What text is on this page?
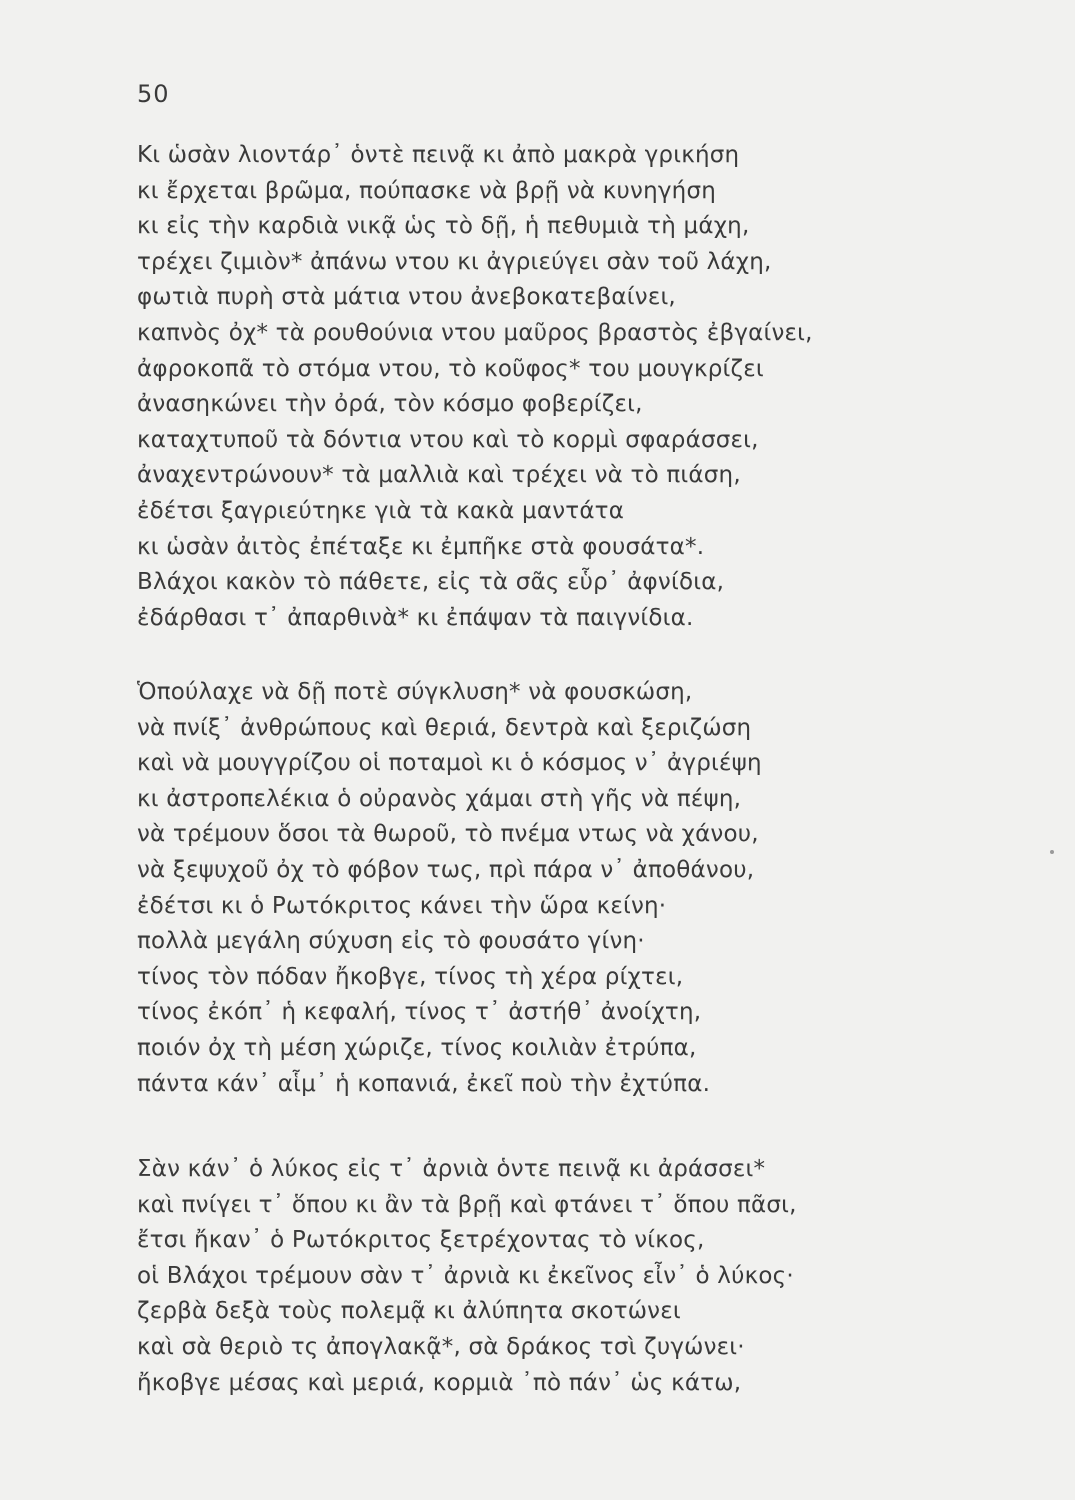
50
Κι ὡσὰν λιοντάρ᾽ ὁντὲ πεινᾷ κι ἀπὸ μακρὰ γρικήση
κι ἔρχεται βρῶμα, πούπασκε νὰ βρῇ νὰ κυνηγήση
κι εἰς τὴν καρδιὰ νικᾷ ὡς τὸ δῇ, ἡ πεθυμιὰ τὴ μάχη,
τρέχει ζιμιὸν* ἀπάνω ντου κι ἀγριεύγει σὰν τοῦ λάχη,
φωτιὰ πυρὴ στὰ μάτια ντου ἀνεβοκατεβαίνει,
καπνὸς ὀχ* τὰ ρουθούνια ντου μαῦρος βραστὸς ἐβγαίνει,
ἀφροκοπᾶ τὸ στόμα ντου, τὸ κοῦφος* του μουγκρίζει
ἀνασηκώνει τὴν ὀρά, τὸν κόσμο φοβερίζει,
καταχτυποῦ τὰ δόντια ντου καὶ τὸ κορμὶ σφαράσσει,
ἀναχεντρώνουν* τὰ μαλλιὰ καὶ τρέχει νὰ τὸ πιάση,
ἐδέτσι ξαγριεύτηκε γιὰ τὰ κακὰ μαντάτα
κι ὡσὰν ἀιτὸς ἐπέταξε κι ἐμπῆκε στὰ φουσάτα*.
Βλάχοι κακὸν τὸ πάθετε, εἰς τὰ σᾶς εὗρ᾽ ἀφνίδια,
ἐδάρθασι τ᾽ ἀπαρθινὰ* κι ἐπάψαν τὰ παιγνίδια.
Ὁπούλαχε νὰ δῇ ποτὲ σύγκλυση* νὰ φουσκώση,
νὰ πνίξ᾽ ἀνθρώπους καὶ θεριά, δεντρὰ καὶ ξεριζώση
καὶ νὰ μουγγρίζου οἱ ποταμοὶ κι ὁ κόσμος ν᾽ ἀγριέψη
κι ἀστροπελέκια ὁ οὐρανὸς χάμαι στὴ γῆς νὰ πέψη,
νὰ τρέμουν ὅσοι τὰ θωροῦ, τὸ πνέμα ντως νὰ χάνου,
νὰ ξεψυχοῦ ὀχ τὸ φόβον τως, πρὶ πάρα ν᾽ ἀποθάνου,
ἐδέτσι κι ὁ Ρωτόκριτος κάνει τὴν ὥρα κείνη·
πολλὰ μεγάλη σύχυση εἰς τὸ φουσάτο γίνη·
τίνος τὸν πόδαν ἤκοβγε, τίνος τὴ χέρα ρίχτει,
τίνος ἐκόπ᾽ ἡ κεφαλή, τίνος τ᾽ ἀστήθ᾽ ἀνοίχτη,
ποιόν ὀχ τὴ μέση χώριζε, τίνος κοιλιὰν ἐτρύπα,
πάντα κάν᾽ αἷμ᾽ ἡ κοπανιά, ἐκεῖ ποὺ τὴν ἐχτύπα.
Σὰν κάν᾽ ὁ λύκος εἰς τ᾽ ἀρνιὰ ὁντε πεινᾷ κι ἀράσσει*
καὶ πνίγει τ᾽ ὅπου κι ἂν τὰ βρῇ καὶ φτάνει τ᾽ ὅπου πᾶσι,
ἔτσι ἤκαν᾽ ὁ Ρωτόκριτος ξετρέχοντας τὸ νίκος,
οἱ Βλάχοι τρέμουν σὰν τ᾽ ἀρνιὰ κι ἐκεῖνος εἶν᾽ ὁ λύκος·
ζερβὰ δεξὰ τοὺς πολεμᾷ κι ἀλύπητα σκοτώνει
καὶ σὰ θεριὸ τς ἀπογλακᾷ*, σὰ δράκος τσὶ ζυγώνει·
ἤκοβγε μέσας καὶ μεριά, κορμιὰ ᾽πὸ πάν᾽ ὡς κάτω,
